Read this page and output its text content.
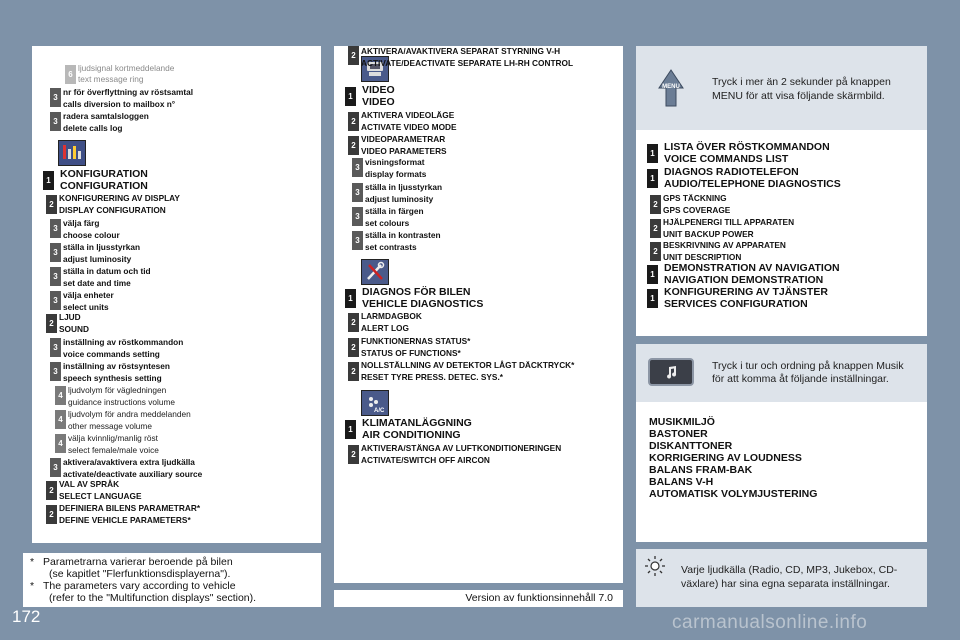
6
ljudsignal kortmeddelande
text message ring
3
nr för överflyttning av röstsamtal
calls diversion to mailbox n°
3
radera samtalsloggen
delete calls log
1
KONFIGURATION
CONFIGURATION
2
KONFIGURERING AV DISPLAY
DISPLAY CONFIGURATION
3
välja färg
choose colour
3
ställa in ljusstyrkan
adjust luminosity
3
ställa in datum och tid
set date and time
3
välja enheter
select units
2
LJUD
SOUND
3
inställning av röstkommandon
voice commands setting
3
inställning av röstsyntesen
speech synthesis setting
4
ljudvolym för vägledningen
guidance instructions volume
4
ljudvolym för andra meddelanden
other message volume
4
välja kvinnlig/manlig röst
select female/male voice
3
aktivera/avaktivera extra ljudkälla
activate/deactivate auxiliary source
2
VAL AV SPRÅK
SELECT LANGUAGE
2
DEFINIERA BILENS PARAMETRAR*
DEFINE VEHICLE PARAMETERS*
* Parametrarna varierar beroende på bilen
(se kapitlet "Flerfunktionsdisplayerna").
* The parameters vary according to vehicle
(refer to the "Multifunction displays" section).
A/C
1
VIDEO
VIDEO
2
AKTIVERA VIDEOLÄGE
ACTIVATE VIDEO MODE
2
VIDEOPARAMETRAR
VIDEO PARAMETERS
3
visningsformat
display formats
3
ställa in ljusstyrkan
adjust luminosity
3
ställa in färgen
set colours
3
ställa in kontrasten
set contrasts
1
DIAGNOS FÖR BILEN
VEHICLE DIAGNOSTICS
2
LARMDAGBOK
ALERT LOG
2
FUNKTIONERNAS STATUS*
STATUS OF FUNCTIONS*
2
NOLLSTÄLLNING AV DETEKTOR LÅGT DÄCKTRYCK*
RESET TYRE PRESS. DETEC. SYS.*
1
KLIMATANLÄGGNING
AIR CONDITIONING
2
AKTIVERA/STÄNGA AV LUFTKONDITIONERINGEN
ACTIVATE/SWITCH OFF AIRCON
2 AKTIVERA/AVAKTIVERA SEPARAT STYRNING V-H
ACTIVATE/DEACTIVATE SEPARATE LH-RH CONTROL
Version av funktionsinnehåll 7.0
MENU	Tryck i mer än 2 sekunder på knappen
MENU för att visa följande skärmbild.
1
LISTA ÖVER RÖSTKOMMANDON
VOICE COMMANDS LIST
1
DIAGNOS RADIOTELEFON
AUDIO/TELEPHONE DIAGNOSTICS
2
GPS TÄCKNING
GPS COVERAGE
2
HJÄLPENERGI TILL APPARATEN
UNIT BACKUP POWER
2
BESKRIVNING AV APPARATEN
UNIT DESCRIPTION
1
DEMONSTRATION AV NAVIGATION
NAVIGATION DEMONSTRATION
1
KONFIGURERING AV TJÄNSTER
SERVICES CONFIGURATION
Tryck i tur och ordning på knappen Musik
för att komma åt följande inställningar.
MUSIKMILJÖ
BASTONER
DISKANTTONER
KORRIGERING AV LOUDNESS
BALANS FRAM-BAK
BALANS V-H
AUTOMATISK VOLYMJUSTERING
Varje ljudkälla (Radio, CD, MP3, Jukebox, CD-
växlare) har sina egna separata inställningar.
172	carmanualsonline.info
